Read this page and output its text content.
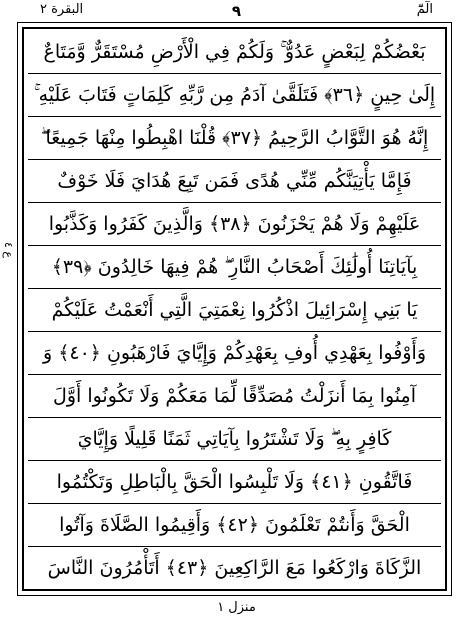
البقرة ٢	٩	الٓمّٓ
ع ٤
بَعْضُكُمْ لِبَعْضٍ عَدُوٌّ ۚ وَلَكُمْ فِي الْأَرْضِ مُسْتَقَرٌّ وَّمَتَاعٌ
إِلَىٰ حِينٍ ﴿٣٦﴾ فَتَلَقَّىٰ آدَمُ مِن رَّبِّهِ كَلِمَاتٍ فَتَابَ عَلَيْهِ ۚ
إِنَّهُ هُوَ التَّوَّابُ الرَّحِيمُ ﴿٣٧﴾ قُلْنَا اهْبِطُوا مِنْهَا جَمِيعًا ۖ
فَإِمَّا يَأْتِيَنَّكُم مِّنِّي هُدًى فَمَن تَبِعَ هُدَايَ فَلَا خَوْفٌ
عَلَيْهِمْ وَلَا هُمْ يَحْزَنُونَ ﴿٣٨﴾ وَالَّذِينَ كَفَرُوا وَكَذَّبُوا
بِآيَاتِنَا أُولَٰئِكَ أَصْحَابُ النَّارِ ۖ هُمْ فِيهَا خَالِدُونَ ﴿٣٩﴾
يَا بَنِي إِسْرَائِيلَ اذْكُرُوا نِعْمَتِيَ الَّتِي أَنْعَمْتُ عَلَيْكُمْ
وَأَوْفُوا بِعَهْدِي أُوفِ بِعَهْدِكُمْ وَإِيَّايَ فَارْهَبُونِ ﴿٤٠﴾ وَ
آمِنُوا بِمَا أَنزَلْتُ مُصَدِّقًا لِّمَا مَعَكُمْ وَلَا تَكُونُوا أَوَّلَ
كَافِرٍ بِهِ ۖ وَلَا تَشْتَرُوا بِآيَاتِي ثَمَنًا قَلِيلًا وَإِيَّايَ
فَاتَّقُونِ ﴿٤١﴾ وَلَا تَلْبِسُوا الْحَقَّ بِالْبَاطِلِ وَتَكْتُمُوا
الْحَقَّ وَأَنتُمْ تَعْلَمُونَ ﴿٤٢﴾ وَأَقِيمُوا الصَّلَاةَ وَآتُوا
الزَّكَاةَ وَارْكَعُوا مَعَ الرَّاكِعِينَ ﴿٤٣﴾ أَتَأْمُرُونَ النَّاسَ
منزل ١
